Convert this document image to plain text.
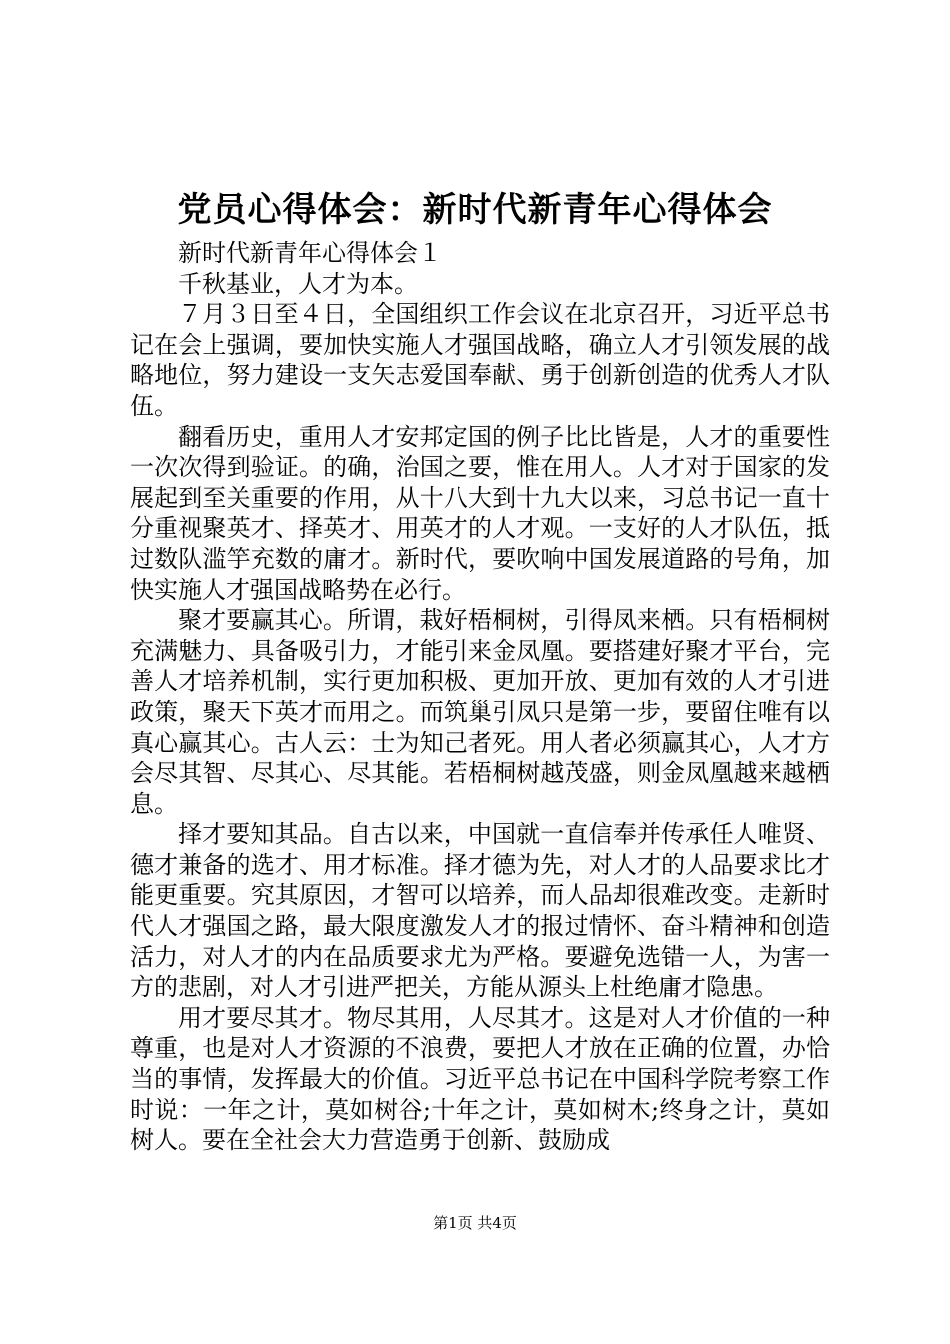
党员心得体会：新时代新青年心得体会

新时代新青年心得体会１

千秋基业，人才为本。

７月３日至４日，全国组织工作会议在北京召开，习近平总书记在会上强调，要加快实施人才强国战略，确立人才引领发展的战略地位，努力建设一支矢志爱国奉献、勇于创新创造的优秀人才队伍。

翻看历史，重用人才安邦定国的例子比比皆是，人才的重要性一次次得到验证。的确，治国之要，惟在用人。人才对于国家的发展起到至关重要的作用，从十八大到十九大以来，习总书记一直十分重视聚英才、择英才、用英才的人才观。一支好的人才队伍，抵过数队滥竽充数的庸才。新时代，要吹响中国发展道路的号角，加快实施人才强国战略势在必行。

聚才要赢其心。所谓，栽好梧桐树，引得凤来栖。只有梧桐树充满魅力、具备吸引力，才能引来金凤凰。要搭建好聚才平台，完善人才培养机制，实行更加积极、更加开放、更加有效的人才引进政策，聚天下英才而用之。而筑巢引凤只是第一步，要留住唯有以真心赢其心。古人云：士为知己者死。用人者必须赢其心，人才方会尽其智、尽其心、尽其能。若梧桐树越茂盛，则金凤凰越来越栖息。

择才要知其品。自古以来，中国就一直信奉并传承任人唯贤、德才兼备的选才、用才标准。择才德为先，对人才的人品要求比才能更重要。究其原因，才智可以培养，而人品却很难改变。走新时代人才强国之路，最大限度激发人才的报过情怀、奋斗精神和创造活力，对人才的内在品质要求尤为严格。要避免选错一人，为害一方的悲剧，对人才引进严把关，方能从源头上杜绝庸才隐患。

用才要尽其才。物尽其用，人尽其才。这是对人才价值的一种尊重，也是对人才资源的不浪费，要把人才放在正确的位置，办恰当的事情，发挥最大的价值。习近平总书记在中国科学院考察工作时说：一年之计，莫如树谷;十年之计，莫如树木;终身之计，莫如树人。要在全社会大力营造勇于创新、鼓励成

第1页 共4页
